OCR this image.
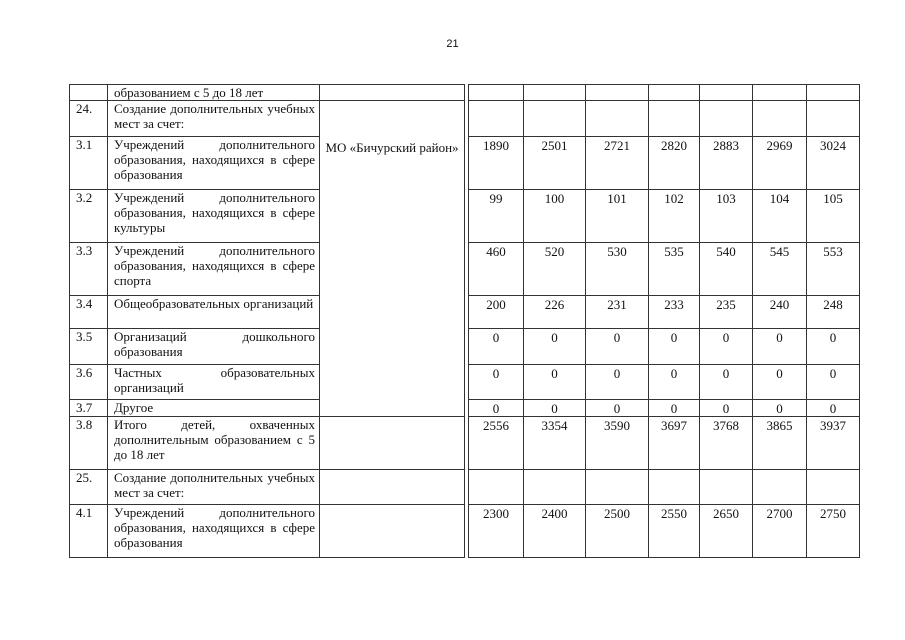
21
	образованием с 5 до 18 лет									
24.	Создание дополнительных учебных мест за счет:	МО «Бичурский район»								

3.1	Учреждений дополнительного образования, находящихся в сфере образования			1890	2501	2721	2820	2883	2969	3024
3.2	Учреждений дополнительного образования, находящихся в сфере культуры			99	100	101	102	103	104	105
3.3	Учреждений дополнительного образования, находящихся в сфере спорта			460	520	530	535	540	545	553
3.4	Общеобразовательных организаций			200	226	231	233	235	240	248
3.5	Организаций дошкольного образования			0	0	0	0	0	0	0
3.6	Частных образовательных организаций			0	0	0	0	0	0	0
3.7	Другое			0	0	0	0	0	0	0
3.8	Итого детей, охваченных дополнительным образованием с 5 до 18 лет			2556	3354	3590	3697	3768	3865	3937
25.	Создание дополнительных учебных мест за счет:									
4.1	Учреждений дополнительного образования, находящихся в сфере образования			2300	2400	2500	2550	2650	2700	2750
